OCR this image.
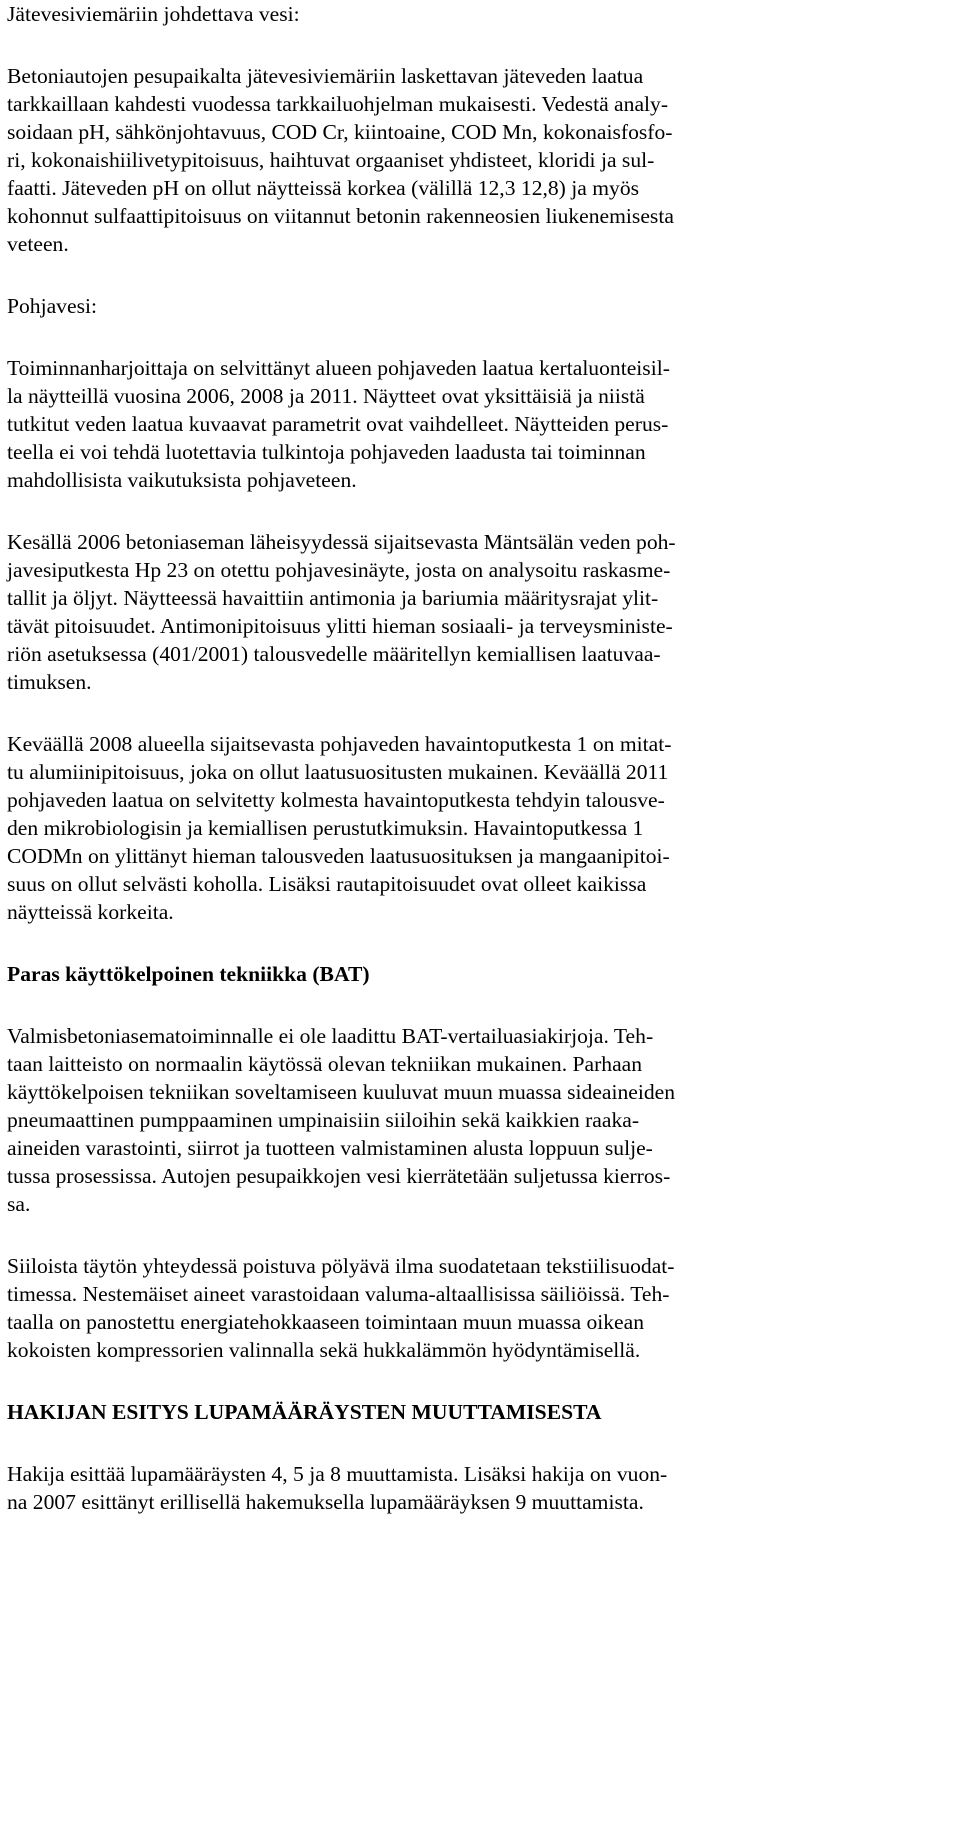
Jätevesiviemäriin johdettava vesi:
Betoniautojen pesupaikalta jätevesiviemäriin laskettavan jäteveden laatua
tarkkaillaan kahdesti vuodessa tarkkailuohjelman mukaisesti. Vedestä analy-
soidaan pH, sähkönjohtavuus, COD Cr, kiintoaine, COD Mn, kokonaisfosfo-
ri, kokonaishiilivetypitoisuus, haihtuvat orgaaniset yhdisteet, kloridi ja sul-
faatti. Jäteveden pH on ollut näytteissä korkea (välillä 12,3 12,8) ja myös
kohonnut sulfaattipitoisuus on viitannut betonin rakenneosien liukenemisesta
veteen.
Pohjavesi:
Toiminnanharjoittaja on selvittänyt alueen pohjaveden laatua kertaluonteisil-
la näytteillä vuosina 2006, 2008 ja 2011. Näytteet ovat yksittäisiä ja niistä
tutkitut veden laatua kuvaavat parametrit ovat vaihdelleet. Näytteiden perus-
teella ei voi tehdä luotettavia tulkintoja pohjaveden laadusta tai toiminnan
mahdollisista vaikutuksista pohjaveteen.
Kesällä 2006 betoniaseman läheisyydessä sijaitsevasta Mäntsälän veden poh-
javesiputkesta Hp 23 on otettu pohjavesinäyte, josta on analysoitu raskasme-
tallit ja öljyt. Näytteessä havaittiin antimonia ja bariumia määritysrajat ylit-
tävät pitoisuudet. Antimonipitoisuus ylitti hieman sosiaali- ja terveysministe-
riön asetuksessa (401/2001) talousvedelle määritellyn kemiallisen laatuvaa-
timuksen.
Keväällä 2008 alueella sijaitsevasta pohjaveden havaintoputkesta 1 on mitat-
tu alumiinipitoisuus, joka on ollut laatusuositusten mukainen. Keväällä 2011
pohjaveden laatua on selvitetty kolmesta havaintoputkesta tehdyin talousve-
den mikrobiologisin ja kemiallisen perustutkimuksin. Havaintoputkessa 1
CODMn on ylittänyt hieman talousveden laatusuosituksen ja mangaanipitoi-
suus on ollut selvästi koholla. Lisäksi rautapitoisuudet ovat olleet kaikissa
näytteissä korkeita.
Paras käyttökelpoinen tekniikka (BAT)
Valmisbetoniasematoiminnalle ei ole laadittu BAT-vertailuasiakirjoja. Teh-
taan laitteisto on normaalin käytössä olevan tekniikan mukainen. Parhaan
käyttökelpoisen tekniikan soveltamiseen kuuluvat muun muassa sideaineiden
pneumaattinen pumppaaminen umpinaisiin siiloihin sekä kaikkien raaka-
aineiden varastointi, siirrot ja tuotteen valmistaminen alusta loppuun sulje-
tussa prosessissa. Autojen pesupaikkojen vesi kierrätetään suljetussa kierros-
sa.
Siiloista täytön yhteydessä poistuva pölyävä ilma suodatetaan tekstiilisuodat-
timessa. Nestemäiset aineet varastoidaan valuma-altaallisissa säiliöissä. Teh-
taalla on panostettu energiatehokkaaseen toimintaan muun muassa oikean
kokoisten kompressorien valinnalla sekä hukkalämmön hyödyntämisellä.
HAKIJAN ESITYS LUPAMÄÄRÄYSTEN MUUTTAMISESTA
Hakija esittää lupamääräysten 4, 5 ja 8 muuttamista. Lisäksi hakija on vuon-
na 2007 esittänyt erillisellä hakemuksella lupamääräyksen 9 muuttamista.
